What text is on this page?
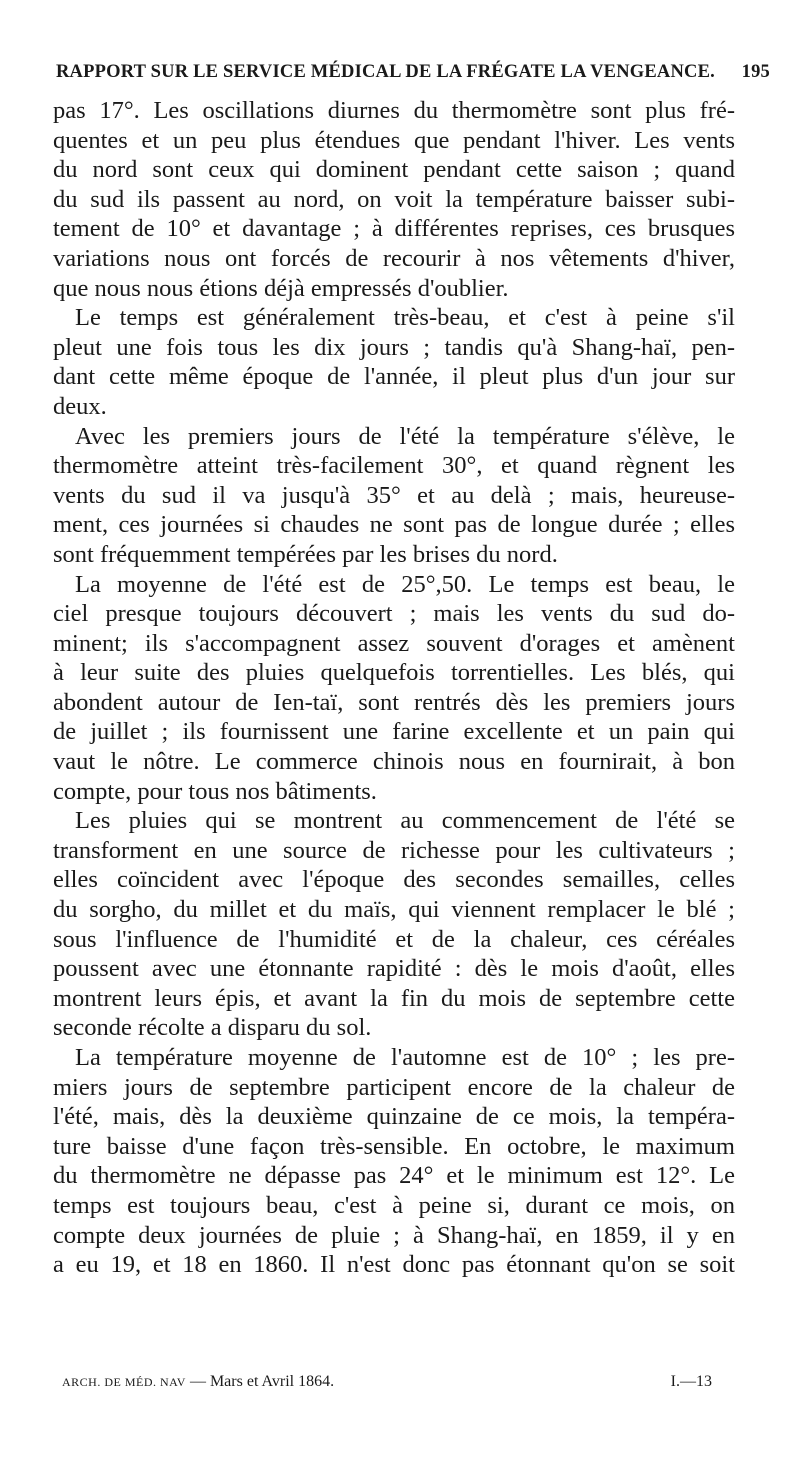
RAPPORT SUR LE SERVICE MÉDICAL DE LA FRÉGATE LA VENGEANCE. 195
pas 17°. Les oscillations diurnes du thermomètre sont plus fré-
quentes et un peu plus étendues que pendant l'hiver. Les vents
du nord sont ceux qui dominent pendant cette saison ; quand
du sud ils passent au nord, on voit la température baisser subi-
tement de 10° et davantage ; à différentes reprises, ces brusques
variations nous ont forcés de recourir à nos vêtements d'hiver,
que nous nous étions déjà empressés d'oublier.
Le temps est généralement très-beau, et c'est à peine s'il
pleut une fois tous les dix jours ; tandis qu'à Shang-haï, pen-
dant cette même époque de l'année, il pleut plus d'un jour sur
deux.
Avec les premiers jours de l'été la température s'élève, le
thermomètre atteint très-facilement 30°, et quand règnent les
vents du sud il va jusqu'à 35° et au delà ; mais, heureuse-
ment, ces journées si chaudes ne sont pas de longue durée ; elles
sont fréquemment tempérées par les brises du nord.
La moyenne de l'été est de 25°,50. Le temps est beau, le
ciel presque toujours découvert ; mais les vents du sud do-
minent; ils s'accompagnent assez souvent d'orages et amènent
à leur suite des pluies quelquefois torrentielles. Les blés, qui
abondent autour de Ien-taï, sont rentrés dès les premiers jours
de juillet ; ils fournissent une farine excellente et un pain qui
vaut le nôtre. Le commerce chinois nous en fournirait, à bon
compte, pour tous nos bâtiments.
Les pluies qui se montrent au commencement de l'été se
transforment en une source de richesse pour les cultivateurs ;
elles coïncident avec l'époque des secondes semailles, celles
du sorgho, du millet et du maïs, qui viennent remplacer le blé ;
sous l'influence de l'humidité et de la chaleur, ces céréales
poussent avec une étonnante rapidité : dès le mois d'août, elles
montrent leurs épis, et avant la fin du mois de septembre cette
seconde récolte a disparu du sol.
La température moyenne de l'automne est de 10° ; les pre-
miers jours de septembre participent encore de la chaleur de
l'été, mais, dès la deuxième quinzaine de ce mois, la tempéra-
ture baisse d'une façon très-sensible. En octobre, le maximum
du thermomètre ne dépasse pas 24° et le minimum est 12°. Le
temps est toujours beau, c'est à peine si, durant ce mois, on
compte deux journées de pluie ; à Shang-haï, en 1859, il y en
a eu 19, et 18 en 1860. Il n'est donc pas étonnant qu'on se soit
ARCH. DE MÉD. NAV — Mars et Avril 1864.	I.—13
